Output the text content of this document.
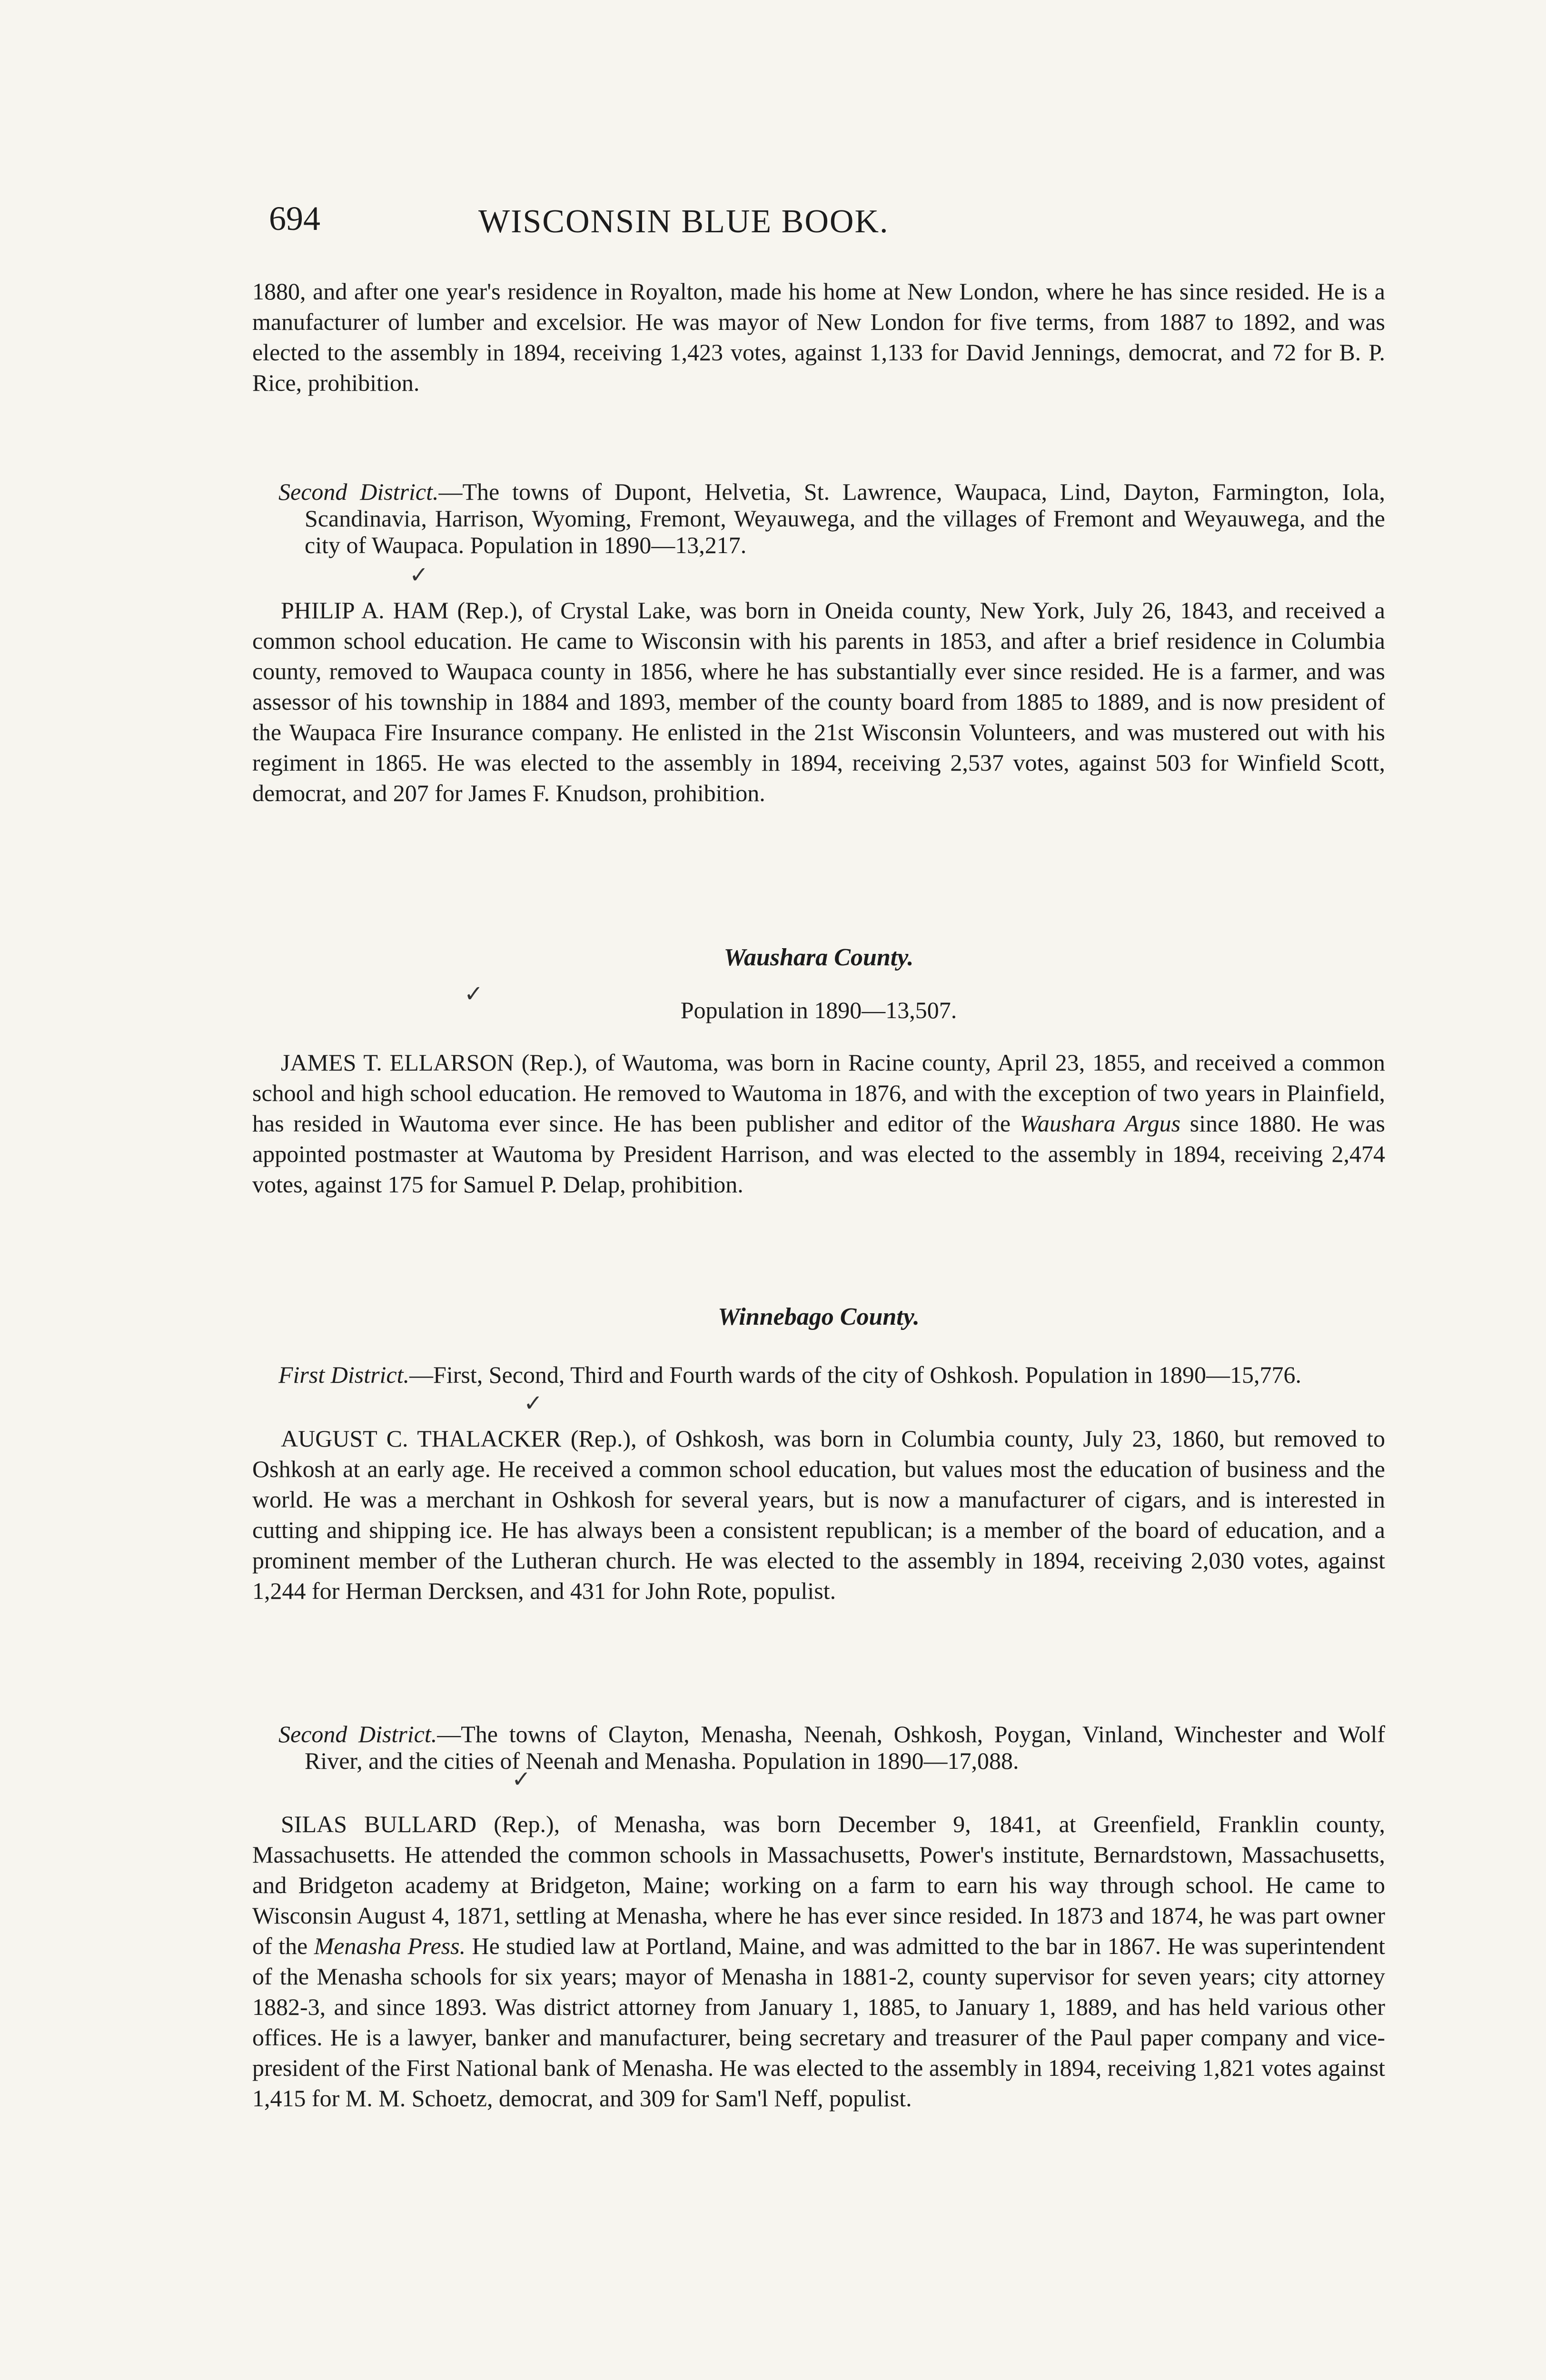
694	WISCONSIN BLUE BOOK.

1880, and after one year's residence in Royalton, made his home at New London, where he has since resided. He is a manufacturer of lumber and excelsior. He was mayor of New London for five terms, from 1887 to 1892, and was elected to the assembly in 1894, receiving 1,423 votes, against 1,133 for David Jennings, democrat, and 72 for B. P. Rice, prohibition.

Second District.—The towns of Dupont, Helvetia, St. Lawrence, Waupaca, Lind, Dayton, Farmington, Iola, Scandinavia, Harrison, Wyoming, Fremont, Weyauwega, and the villages of Fremont and Weyauwega, and the city of Waupaca. Population in 1890—13,217.

PHILIP A. HAM (Rep.), of Crystal Lake, was born in Oneida county, New York, July 26, 1843, and received a common school education. He came to Wisconsin with his parents in 1853, and after a brief residence in Columbia county, removed to Waupaca county in 1856, where he has substantially ever since resided. He is a farmer, and was assessor of his township in 1884 and 1893, member of the county board from 1885 to 1889, and is now president of the Waupaca Fire Insurance company. He enlisted in the 21st Wisconsin Volunteers, and was mustered out with his regiment in 1865. He was elected to the assembly in 1894, receiving 2,537 votes, against 503 for Winfield Scott, democrat, and 207 for James F. Knudson, prohibition.

Waushara County.

Population in 1890—13,507.

JAMES T. ELLARSON (Rep.), of Wautoma, was born in Racine county, April 23, 1855, and received a common school and high school education. He removed to Wautoma in 1876, and with the exception of two years in Plainfield, has resided in Wautoma ever since. He has been publisher and editor of the Waushara Argus since 1880. He was appointed postmaster at Wautoma by President Harrison, and was elected to the assembly in 1894, receiving 2,474 votes, against 175 for Samuel P. Delap, prohibition.

Winnebago County.

First District.—First, Second, Third and Fourth wards of the city of Oshkosh. Population in 1890—15,776.

AUGUST C. THALACKER (Rep.), of Oshkosh, was born in Columbia county, July 23, 1860, but removed to Oshkosh at an early age. He received a common school education, but values most the education of business and the world. He was a merchant in Oshkosh for several years, but is now a manufacturer of cigars, and is interested in cutting and shipping ice. He has always been a consistent republican; is a member of the board of education, and a prominent member of the Lutheran church. He was elected to the assembly in 1894, receiving 2,030 votes, against 1,244 for Herman Dercksen, and 431 for John Rote, populist.

Second District.—The towns of Clayton, Menasha, Neenah, Oshkosh, Poygan, Vinland, Winchester and Wolf River, and the cities of Neenah and Menasha. Population in 1890—17,088.

SILAS BULLARD (Rep.), of Menasha, was born December 9, 1841, at Greenfield, Franklin county, Massachusetts. He attended the common schools in Massachusetts, Power's institute, Bernardstown, Massachusetts, and Bridgeton academy at Bridgeton, Maine; working on a farm to earn his way through school. He came to Wisconsin August 4, 1871, settling at Menasha, where he has ever since resided. In 1873 and 1874, he was part owner of the Menasha Press. He studied law at Portland, Maine, and was admitted to the bar in 1867. He was superintendent of the Menasha schools for six years; mayor of Menasha in 1881-2, county supervisor for seven years; city attorney 1882-3, and since 1893. Was district attorney from January 1, 1885, to January 1, 1889, and has held various other offices. He is a lawyer, banker and manufacturer, being secretary and treasurer of the Paul paper company and vice-president of the First National bank of Menasha. He was elected to the assembly in 1894, receiving 1,821 votes against 1,415 for M. M. Schoetz, democrat, and 309 for Sam'l Neff, populist.

✓
✓
✓
✓
